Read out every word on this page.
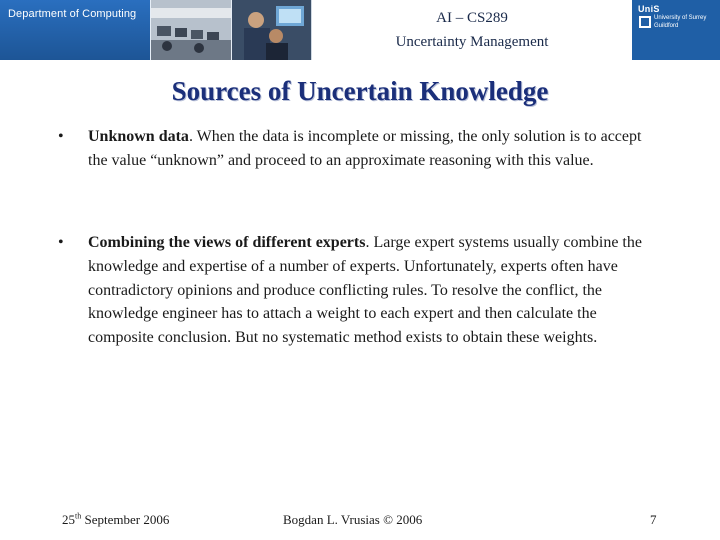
Department of Computing	AI – CS289
Uncertainty Management
UniS
University of Surrey
Guildford
Sources of Uncertain Knowledge
•	Unknown data. When the data is incomplete or missing, the only solution is to accept the value “unknown” and proceed to an approximate reasoning with this value.
•	Combining the views of different experts. Large expert systems usually combine the knowledge and expertise of a number of experts. Unfortunately, experts often have contradictory opinions and produce conflicting rules. To resolve the conflict, the knowledge engineer has to attach a weight to each expert and then calculate the composite conclusion. But no systematic method exists to obtain these weights.
25th September 2006	Bogdan L. Vrusias © 2006	7
